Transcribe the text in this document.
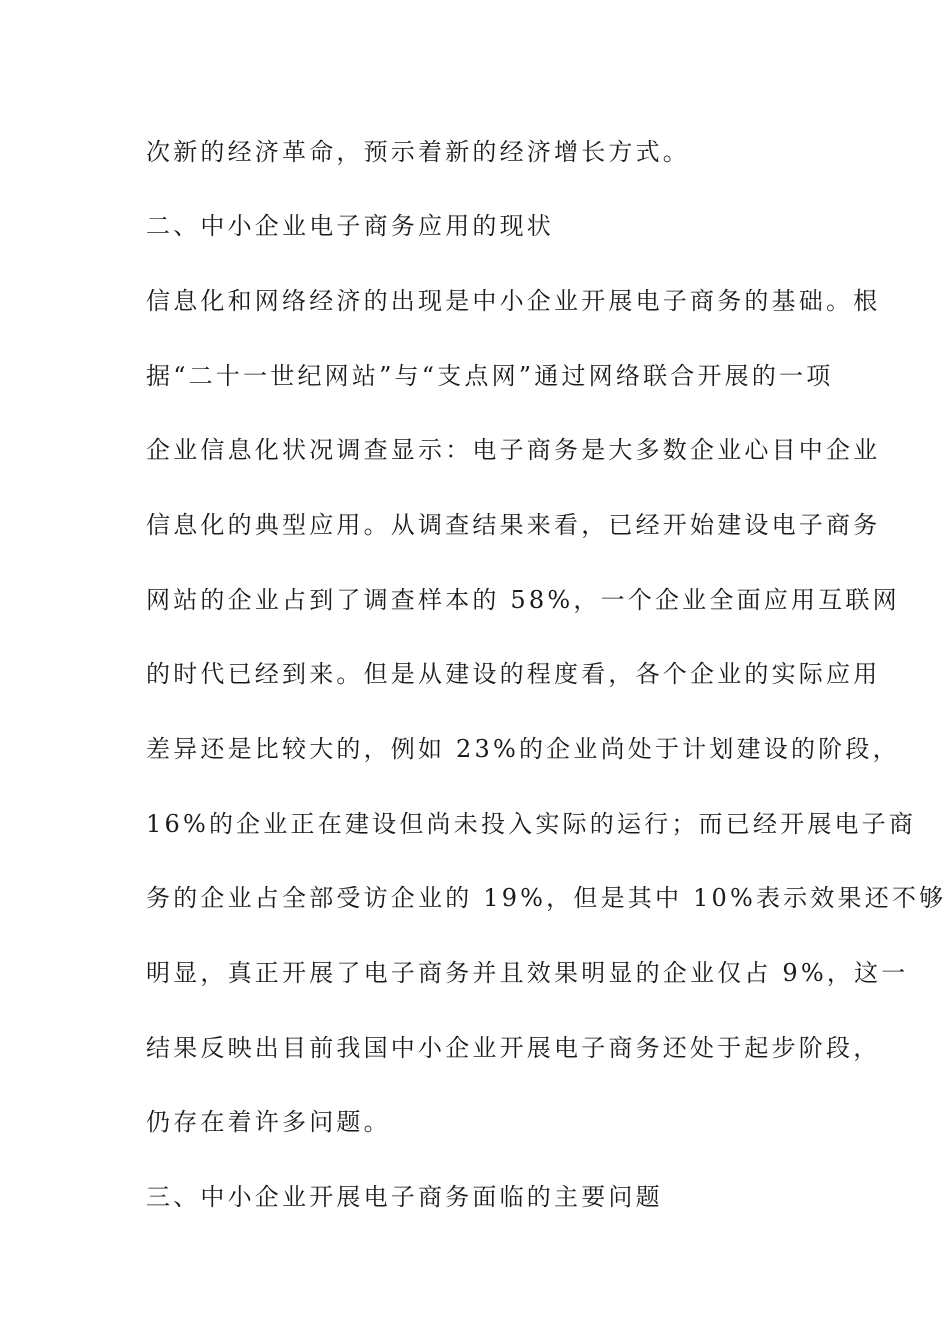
次新的经济革命，预示着新的经济增长方式。
二、中小企业电子商务应用的现状
信息化和网络经济的出现是中小企业开展电子商务的基础。根
据“二十一世纪网站”与“支点网”通过网络联合开展的一项
企业信息化状况调查显示：电子商务是大多数企业心目中企业
信息化的典型应用。从调查结果来看，已经开始建设电子商务
网站的企业占到了调查样本的 58%，一个企业全面应用互联网
的时代已经到来。但是从建设的程度看，各个企业的实际应用
差异还是比较大的，例如 23%的企业尚处于计划建设的阶段，
16%的企业正在建设但尚未投入实际的运行；而已经开展电子商
务的企业占全部受访企业的 19%，但是其中 10%表示效果还不够
明显，真正开展了电子商务并且效果明显的企业仅占 9%，这一
结果反映出目前我国中小企业开展电子商务还处于起步阶段，
仍存在着许多问题。
三、中小企业开展电子商务面临的主要问题
